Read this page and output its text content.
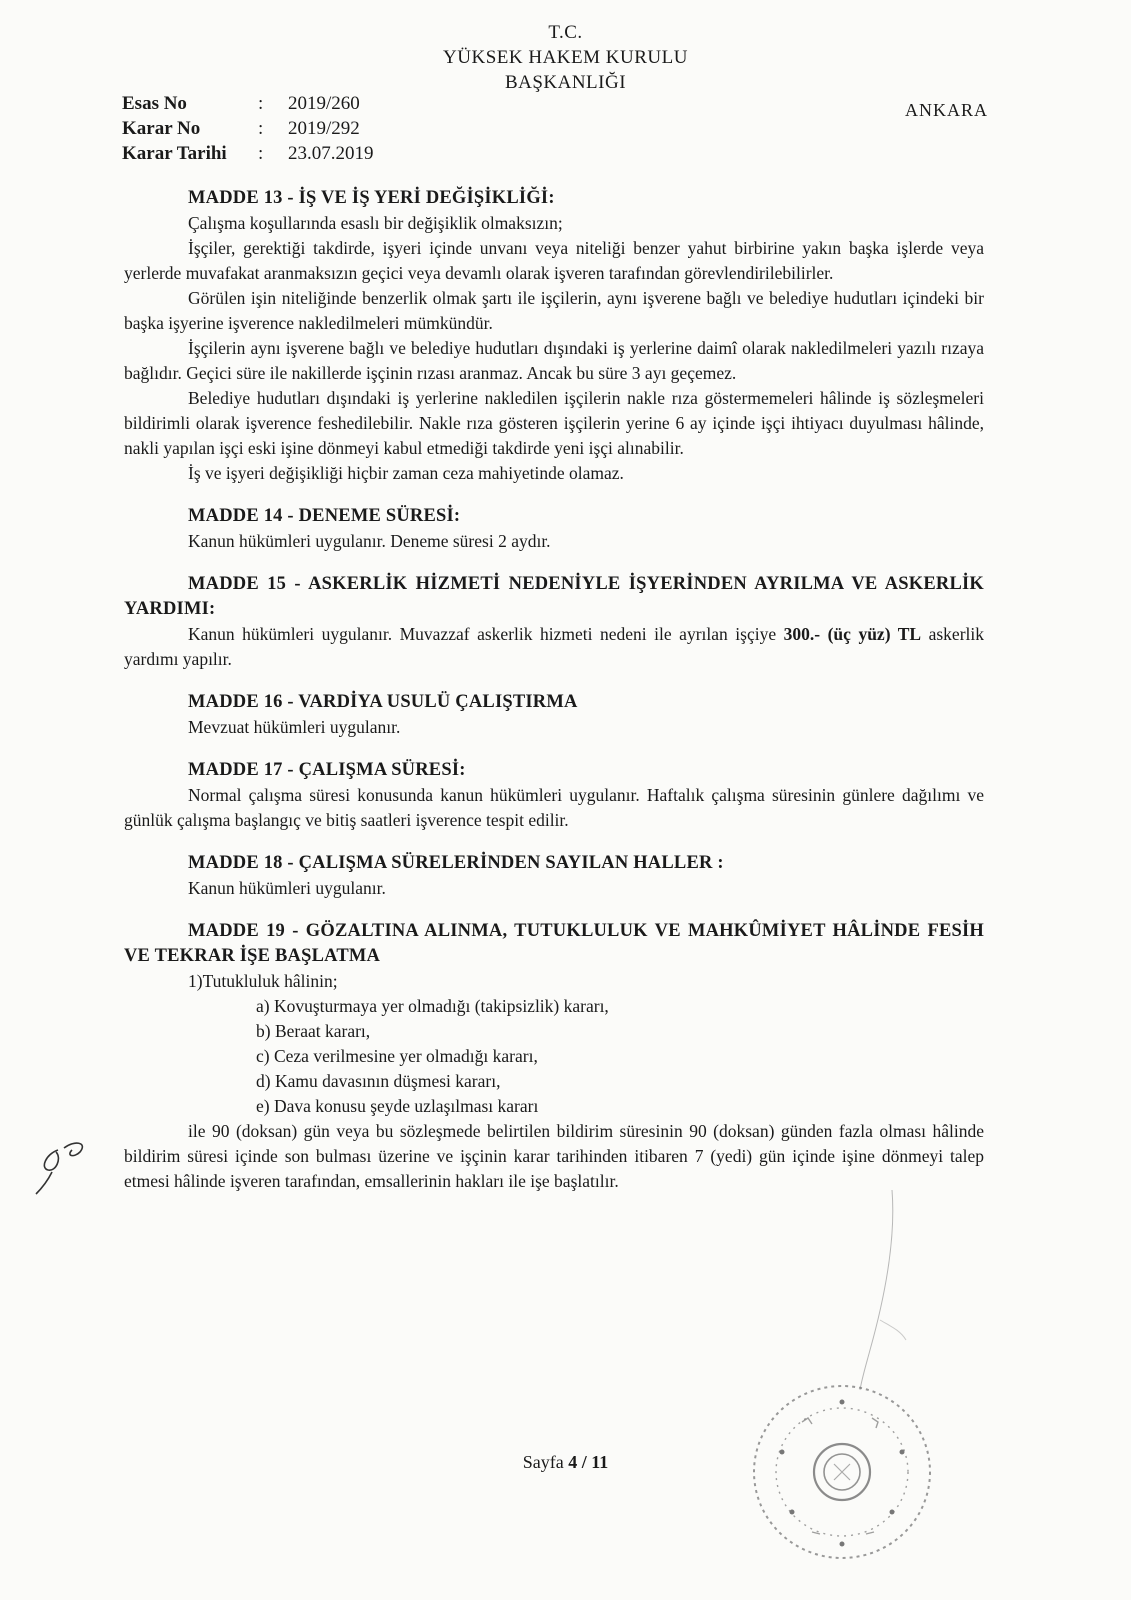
T.C.
YÜKSEK HAKEM KURULU
BAŞKANLIĞI
ANKARA
Esas No	:	2019/260
Karar No	:	2019/292
Karar Tarihi	:	23.07.2019

MADDE 13 - İŞ VE İŞ YERİ DEĞİŞİKLİĞİ:

Çalışma koşullarında esaslı bir değişiklik olmaksızın;

İşçiler, gerektiği takdirde, işyeri içinde unvanı veya niteliği benzer yahut birbirine yakın başka işlerde veya yerlerde muvafakat aranmaksızın geçici veya devamlı olarak işveren tarafından görevlendirilebilirler.

Görülen işin niteliğinde benzerlik olmak şartı ile işçilerin, aynı işverene bağlı ve belediye hudutları içindeki bir başka işyerine işverence nakledilmeleri mümkündür.

İşçilerin aynı işverene bağlı ve belediye hudutları dışındaki iş yerlerine daimî olarak nakledilmeleri yazılı rızaya bağlıdır. Geçici süre ile nakillerde işçinin rızası aranmaz. Ancak bu süre 3 ayı geçemez.

Belediye hudutları dışındaki iş yerlerine nakledilen işçilerin nakle rıza göstermemeleri hâlinde iş sözleşmeleri bildirimli olarak işverence feshedilebilir. Nakle rıza gösteren işçilerin yerine 6 ay içinde işçi ihtiyacı duyulması hâlinde, nakli yapılan işçi eski işine dönmeyi kabul etmediği takdirde yeni işçi alınabilir.

İş ve işyeri değişikliği hiçbir zaman ceza mahiyetinde olamaz.

MADDE 14 - DENEME SÜRESİ:

Kanun hükümleri uygulanır. Deneme süresi 2 aydır.

MADDE 15 - ASKERLİK HİZMETİ NEDENİYLE İŞYERİNDEN AYRILMA VE ASKERLİK YARDIMI:

Kanun hükümleri uygulanır. Muvazzaf askerlik hizmeti nedeni ile ayrılan işçiye 300.- (üç yüz) TL askerlik yardımı yapılır.

MADDE 16 - VARDİYA USULÜ ÇALIŞTIRMA

Mevzuat hükümleri uygulanır.

MADDE 17 - ÇALIŞMA SÜRESİ:

Normal çalışma süresi konusunda kanun hükümleri uygulanır. Haftalık çalışma süresinin günlere dağılımı ve günlük çalışma başlangıç ve bitiş saatleri işverence tespit edilir.

MADDE 18 - ÇALIŞMA SÜRELERİNDEN SAYILAN HALLER :

Kanun hükümleri uygulanır.

MADDE 19 - GÖZALTINA ALINMA, TUTUKLULUK VE MAHKÛMİYET HÂLİNDE FESİH VE TEKRAR İŞE BAŞLATMA

1)Tutukluluk hâlinin;

a) Kovuşturmaya yer olmadığı (takipsizlik) kararı,

b) Beraat kararı,

c) Ceza verilmesine yer olmadığı kararı,

d) Kamu davasının düşmesi kararı,

e) Dava konusu şeyde uzlaşılması kararı

ile 90 (doksan) gün veya bu sözleşmede belirtilen bildirim süresinin 90 (doksan) günden fazla olması hâlinde bildirim süresi içinde son bulması üzerine ve işçinin karar tarihinden itibaren 7 (yedi) gün içinde işine dönmeyi talep etmesi hâlinde işveren tarafından, emsallerinin hakları ile işe başlatılır.

Sayfa 4 / 11
